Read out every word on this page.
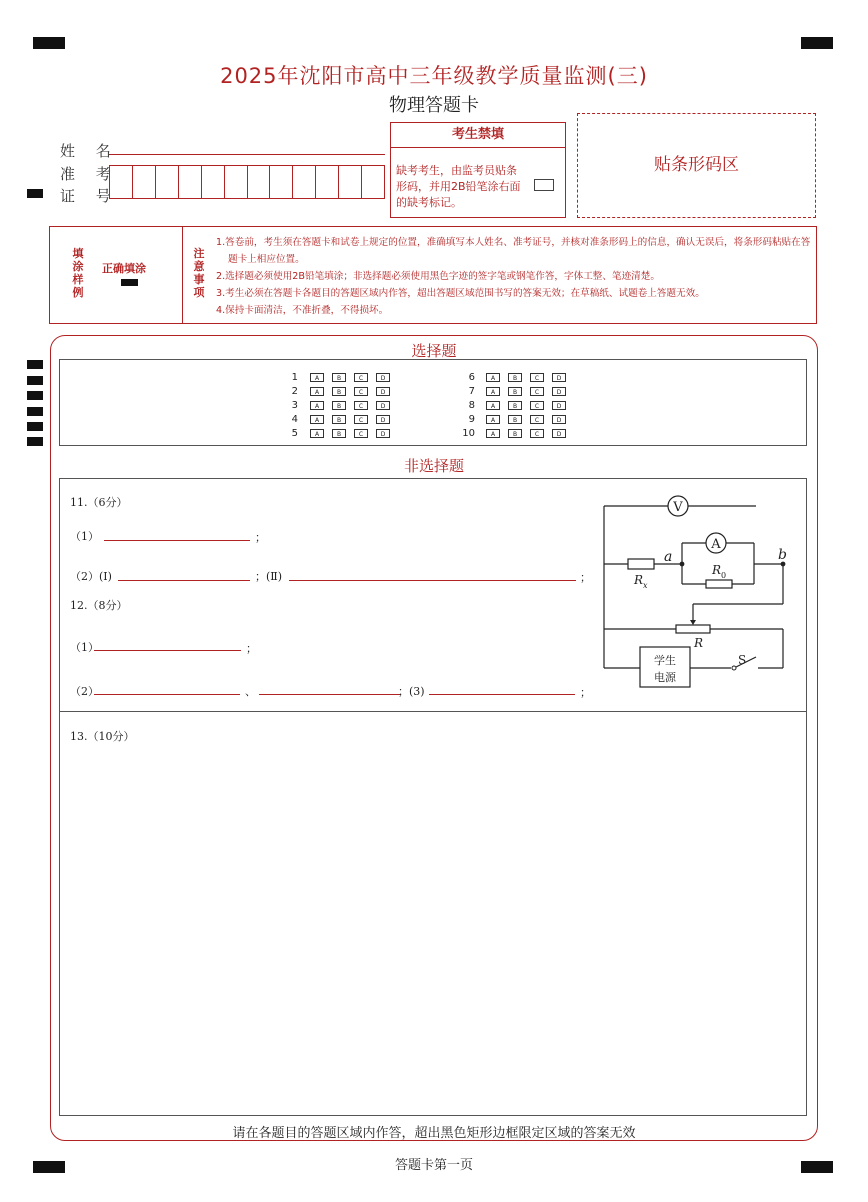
2025年沈阳市高中三年级教学质量监测(三)
物理答题卡
姓 名
准 考
证 号
考生禁填
缺考考生，由监考员贴条形码，并用2B铅笔涂右面的缺考标记。
贴条形码区
填涂样例
正确填涂
注意事项
1.答卷前，考生须在答题卡和试卷上规定的位置，准确填写本人姓名、准考证号，并核对准条形码上的信息，确认无误后，将条形码粘贴在答题卡上相应位置。
2.选择题必须使用2B铅笔填涂；非选择题必须使用黑色字迹的签字笔或钢笔作答，字体工整、笔迹清楚。
3.考生必须在答题卡各题目的答题区域内作答，超出答题区域范围书写的答案无效；在草稿纸、试题卷上答题无效。
4.保持卡面清洁，不准折叠，不得损坏。
选择题
1	A	B	C	D
2	A	B	C	D
3	A	B	C	D
4	A	B	C	D
5	A	B	C	D
6	A	B	C	D
7	A	B	C	D
8	A	B	C	D
9	A	B	C	D
10	A	B	C	D
非选择题
11.（6分）
（1）	；
（2）(Ⅰ)	；(Ⅱ)	；
12.（8分）
（1）	；
（2）	、	；(3)	；
V
A
a	b
R x
R 0
R
S
学生
电源
13.（10分）
请在各题目的答题区域内作答，超出黑色矩形边框限定区域的答案无效
答题卡第一页
